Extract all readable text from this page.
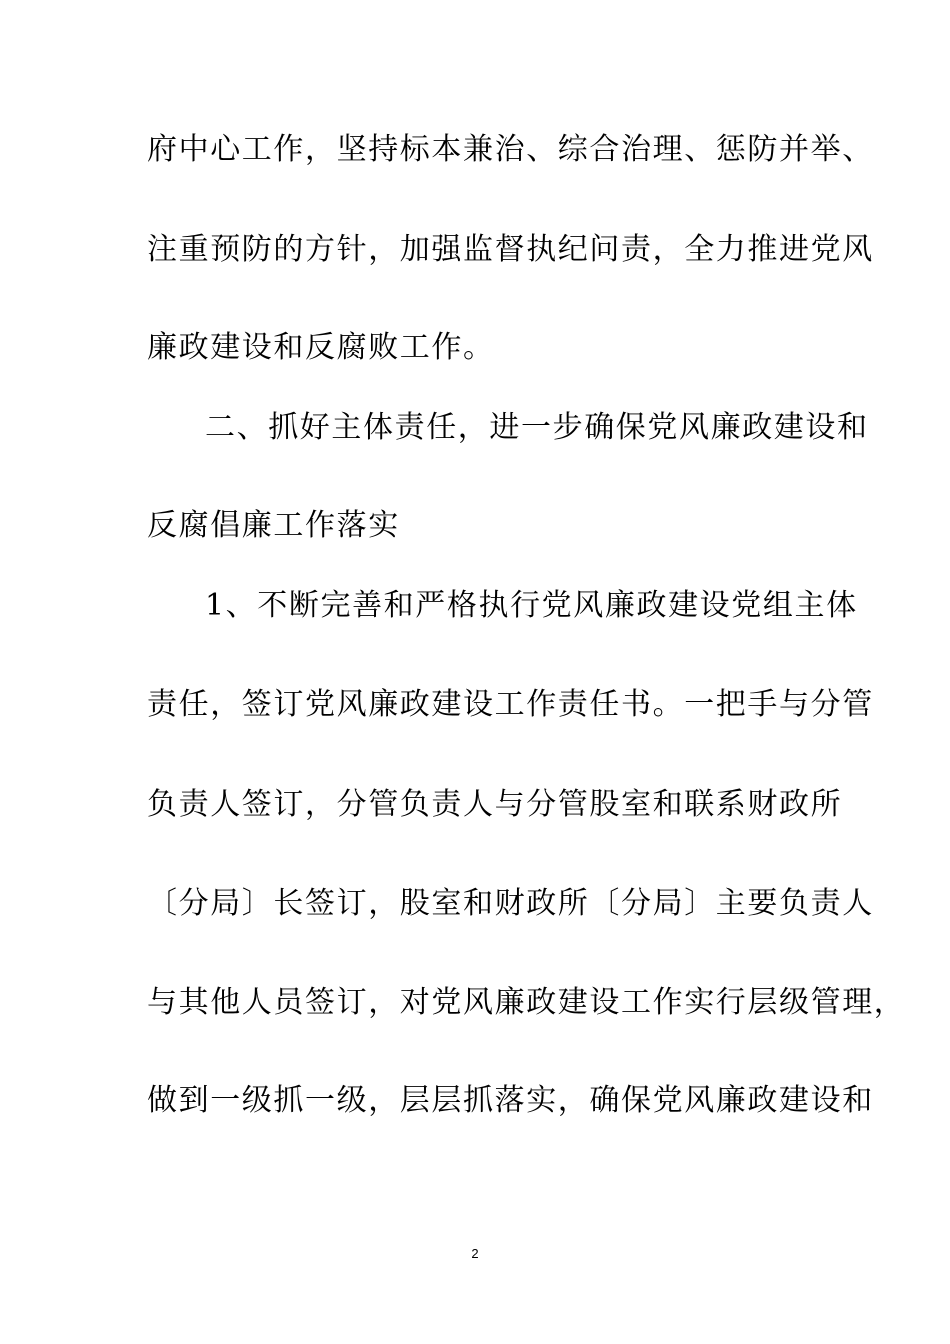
府中心工作，坚持标本兼治、综合治理、惩防并举、
注重预防的方针，加强监督执纪问责，全力推进党风
廉政建设和反腐败工作。
二、抓好主体责任，进一步确保党风廉政建设和
反腐倡廉工作落实
1、不断完善和严格执行党风廉政建设党组主体
责任，签订党风廉政建设工作责任书。一把手与分管
负责人签订，分管负责人与分管股室和联系财政所
〔分局〕长签订，股室和财政所〔分局〕主要负责人
与其他人员签订，对党风廉政建设工作实行层级管理，
做到一级抓一级，层层抓落实，确保党风廉政建设和
2
